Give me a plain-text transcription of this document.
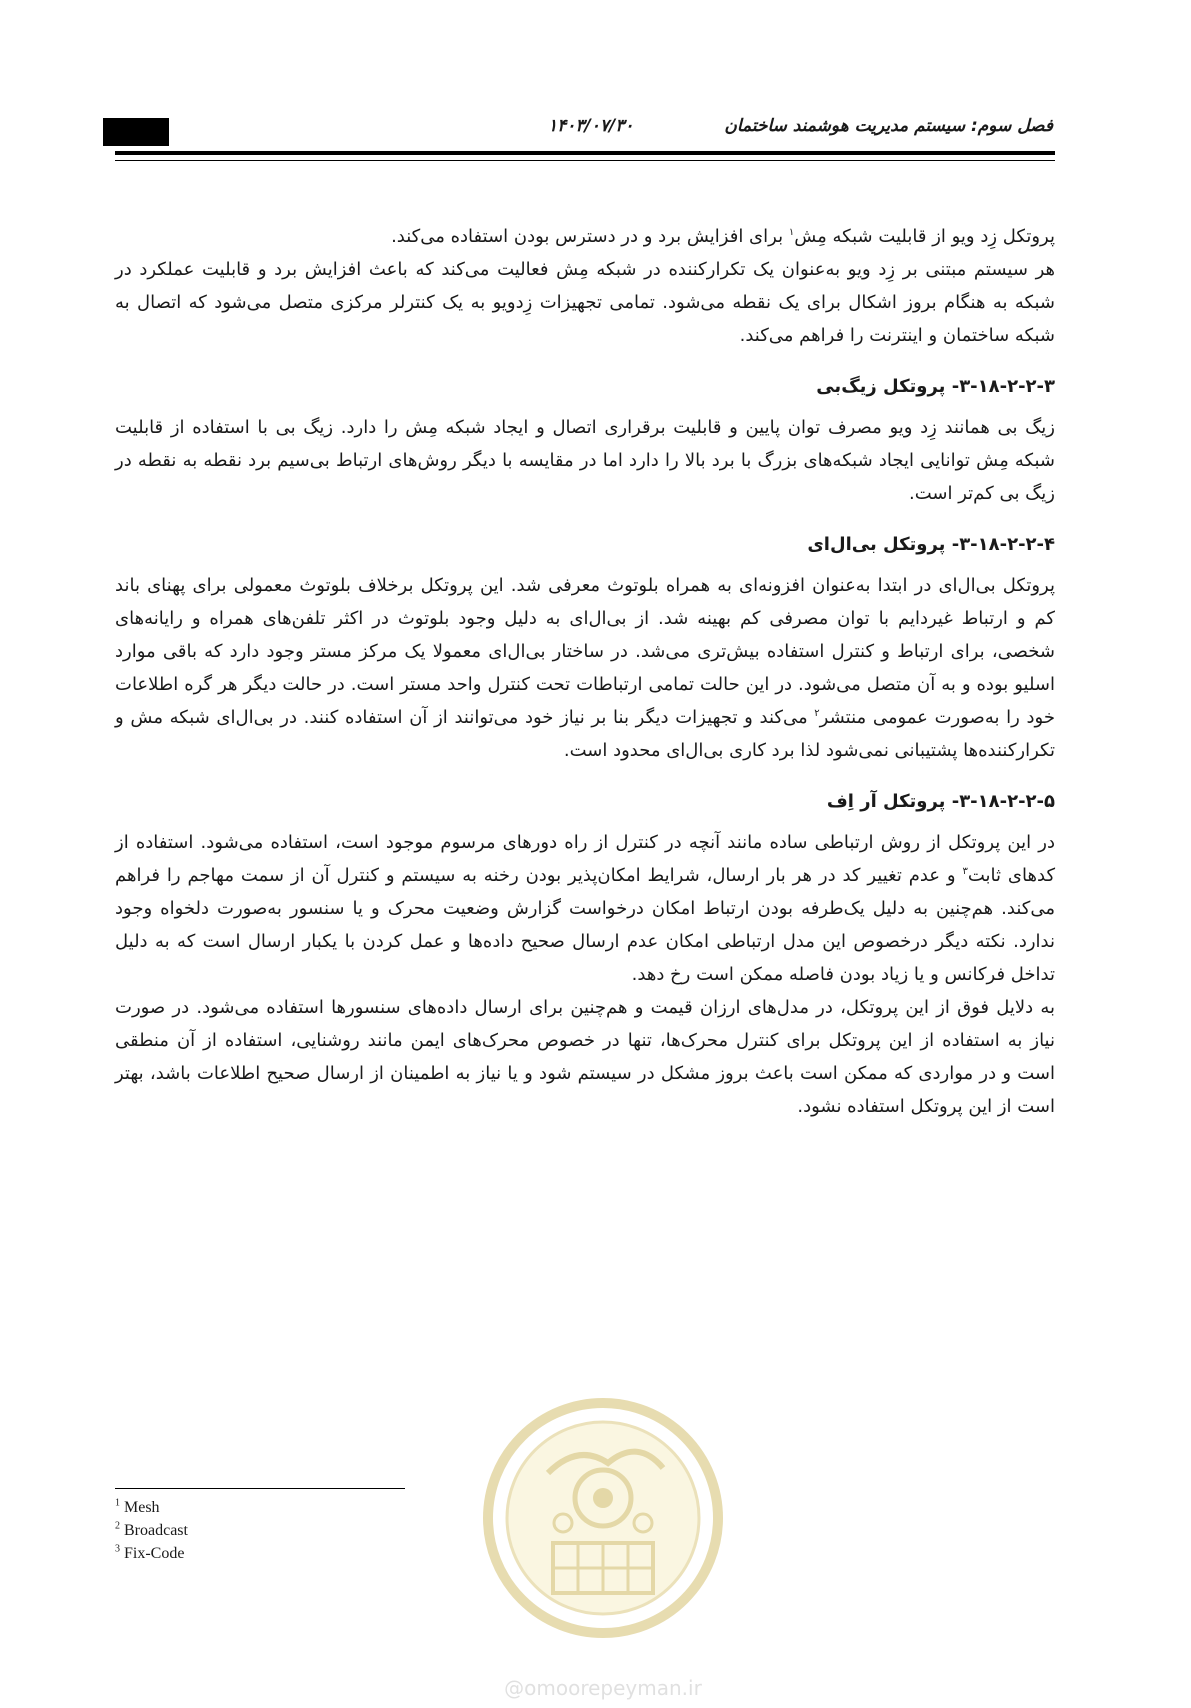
۱۴۰۳/۰۷/۳۰	فصل سوم: سیستم مدیریت هوشمند ساختمان

پروتکل زِد ویو از قابلیت شبکه مِش$^۱$ برای افزایش برد و در دسترس بودن استفاده می‌کند.

هر سیستم مبتنی بر زِد ویو به‌عنوان یک تکرارکننده در شبکه مِش فعالیت می‌کند که باعث افزایش برد و قابلیت عملکرد در شبکه به هنگام بروز اشکال برای یک نقطه می‌شود. تمامی تجهیزات زِدویو به یک کنترلر مرکزی متصل می‌شود که اتصال به شبکه ساختمان و اینترنت را فراهم می‌کند.

۳-۱۸-۲-۲-۳- پروتکل زیگ‌بی

زیگ بی همانند زِد ویو مصرف توان پایین و قابلیت برقراری اتصال و ایجاد شبکه مِش را دارد. زیگ بی با استفاده از قابلیت شبکه مِش توانایی ایجاد شبکه‌های بزرگ با برد بالا را دارد اما در مقایسه با دیگر روش‌های ارتباط بی‌سیم برد نقطه به نقطه در زیگ بی کم‌تر است.

۳-۱۸-۲-۲-۴- پروتکل بی‌ال‌ای

پروتکل بی‌ال‌ای در ابتدا به‌عنوان افزونه‌ای به همراه بلوتوث معرفی شد. این پروتکل برخلاف بلوتوث معمولی برای پهنای باند کم و ارتباط غیردایم با توان مصرفی کم بهینه شد. از بی‌ال‌ای به دلیل وجود بلوتوث در اکثر تلفن‌های همراه و رایانه‌های شخصی، برای ارتباط و کنترل استفاده بیش‌تری می‌شد. در ساختار بی‌ال‌ای معمولا یک مرکز مستر وجود دارد که باقی موارد اسلیو بوده و به آن متصل می‌شود. در این حالت تمامی ارتباطات تحت کنترل واحد مستر است. در حالت دیگر هر گره اطلاعات خود را به‌صورت عمومی منتشر$^۲$ می‌کند و تجهیزات دیگر بنا بر نیاز خود می‌توانند از آن استفاده کنند. در بی‌ال‌ای شبکه مش و تکرارکننده‌ها پشتیبانی نمی‌شود لذا برد کاری بی‌ال‌ای محدود است.

۳-۱۸-۲-۲-۵- پروتکل آر اِف

در این پروتکل از روش ارتباطی ساده مانند آنچه در کنترل از راه دورهای مرسوم موجود است، استفاده می‌شود. استفاده از کدهای ثابت$^۳$ و عدم تغییر کد در هر بار ارسال، شرایط امکان‌پذیر بودن رخنه به سیستم و کنترل آن از سمت مهاجم را فراهم می‌کند. هم‌چنین به دلیل یک‌طرفه بودن ارتباط امکان درخواست گزارش وضعیت محرک و یا سنسور به‌صورت دلخواه وجود ندارد. نکته دیگر درخصوص این مدل ارتباطی امکان عدم ارسال صحیح داده‌ها و عمل کردن با یکبار ارسال است که به دلیل تداخل فرکانس و یا زیاد بودن فاصله ممکن است رخ دهد.

به دلایل فوق از این پروتکل، در مدل‌های ارزان قیمت و هم‌چنین برای ارسال داده‌های سنسورها استفاده می‌شود. در صورت نیاز به استفاده از این پروتکل برای کنترل محرک‌ها، تنها در خصوص محرک‌های ایمن مانند روشنایی، استفاده از آن منطقی است و در مواردی که ممکن است باعث بروز مشکل در سیستم شود و یا نیاز به اطمینان از ارسال صحیح اطلاعات باشد، بهتر است از این پروتکل استفاده نشود.

$^1$ Mesh
$^2$ Broadcast
$^3$ Fix-Code
@omoorepeyman.ir
